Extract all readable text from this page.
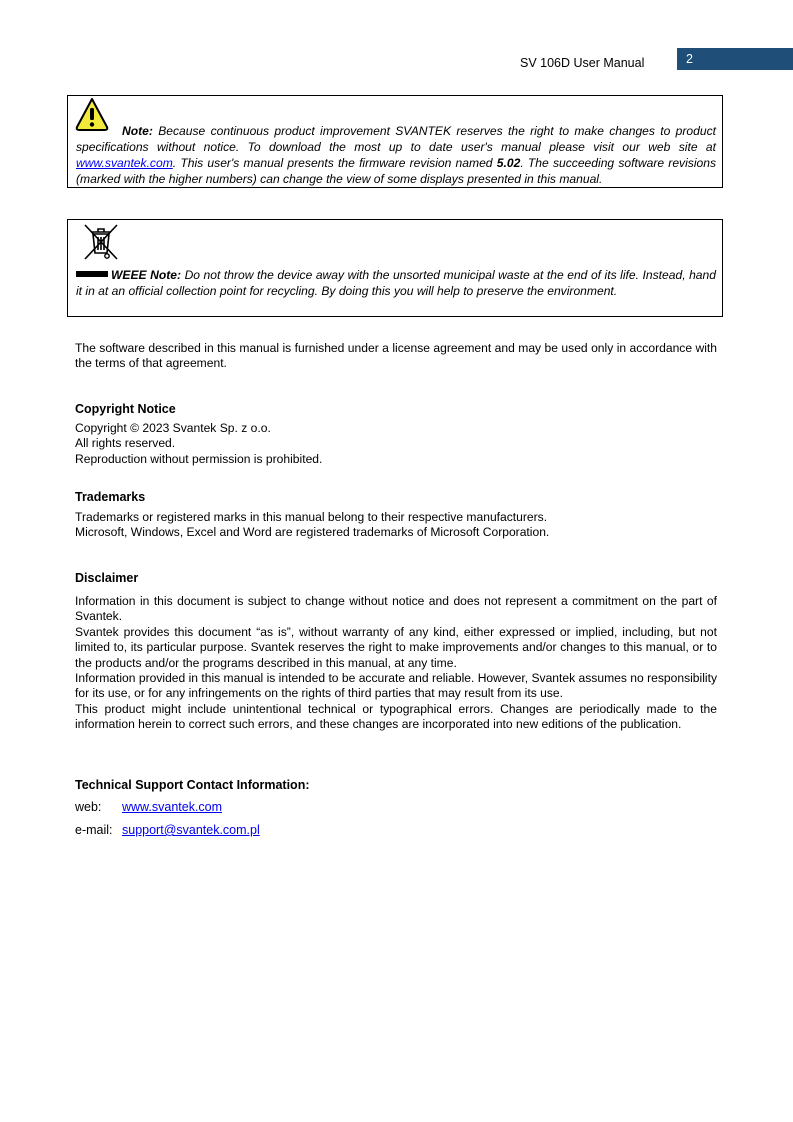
SV 106D User Manual	2
Note: Because continuous product improvement SVANTEK reserves the right to make changes to product specifications without notice. To download the most up to date user's manual please visit our web site at www.svantek.com. This user's manual presents the firmware revision named 5.02. The succeeding software revisions (marked with the higher numbers) can change the view of some displays presented in this manual.
WEEE Note: Do not throw the device away with the unsorted municipal waste at the end of its life. Instead, hand it in at an official collection point for recycling. By doing this you will help to preserve the environment.
The software described in this manual is furnished under a license agreement and may be used only in accordance with the terms of that agreement.
Copyright Notice
Copyright © 2023 Svantek Sp. z o.o.
All rights reserved.
Reproduction without permission is prohibited.
Trademarks
Trademarks or registered marks in this manual belong to their respective manufacturers.
Microsoft, Windows, Excel and Word are registered trademarks of Microsoft Corporation.
Disclaimer
Information in this document is subject to change without notice and does not represent a commitment on the part of Svantek.
Svantek provides this document “as is”, without warranty of any kind, either expressed or implied, including, but not limited to, its particular purpose. Svantek reserves the right to make improvements and/or changes to this manual, or to the products and/or the programs described in this manual, at any time.
Information provided in this manual is intended to be accurate and reliable. However, Svantek assumes no responsibility for its use, or for any infringements on the rights of third parties that may result from its use.
This product might include unintentional technical or typographical errors. Changes are periodically made to the information herein to correct such errors, and these changes are incorporated into new editions of the publication.
Technical Support Contact Information:
web: www.svantek.com
e-mail: support@svantek.com.pl
